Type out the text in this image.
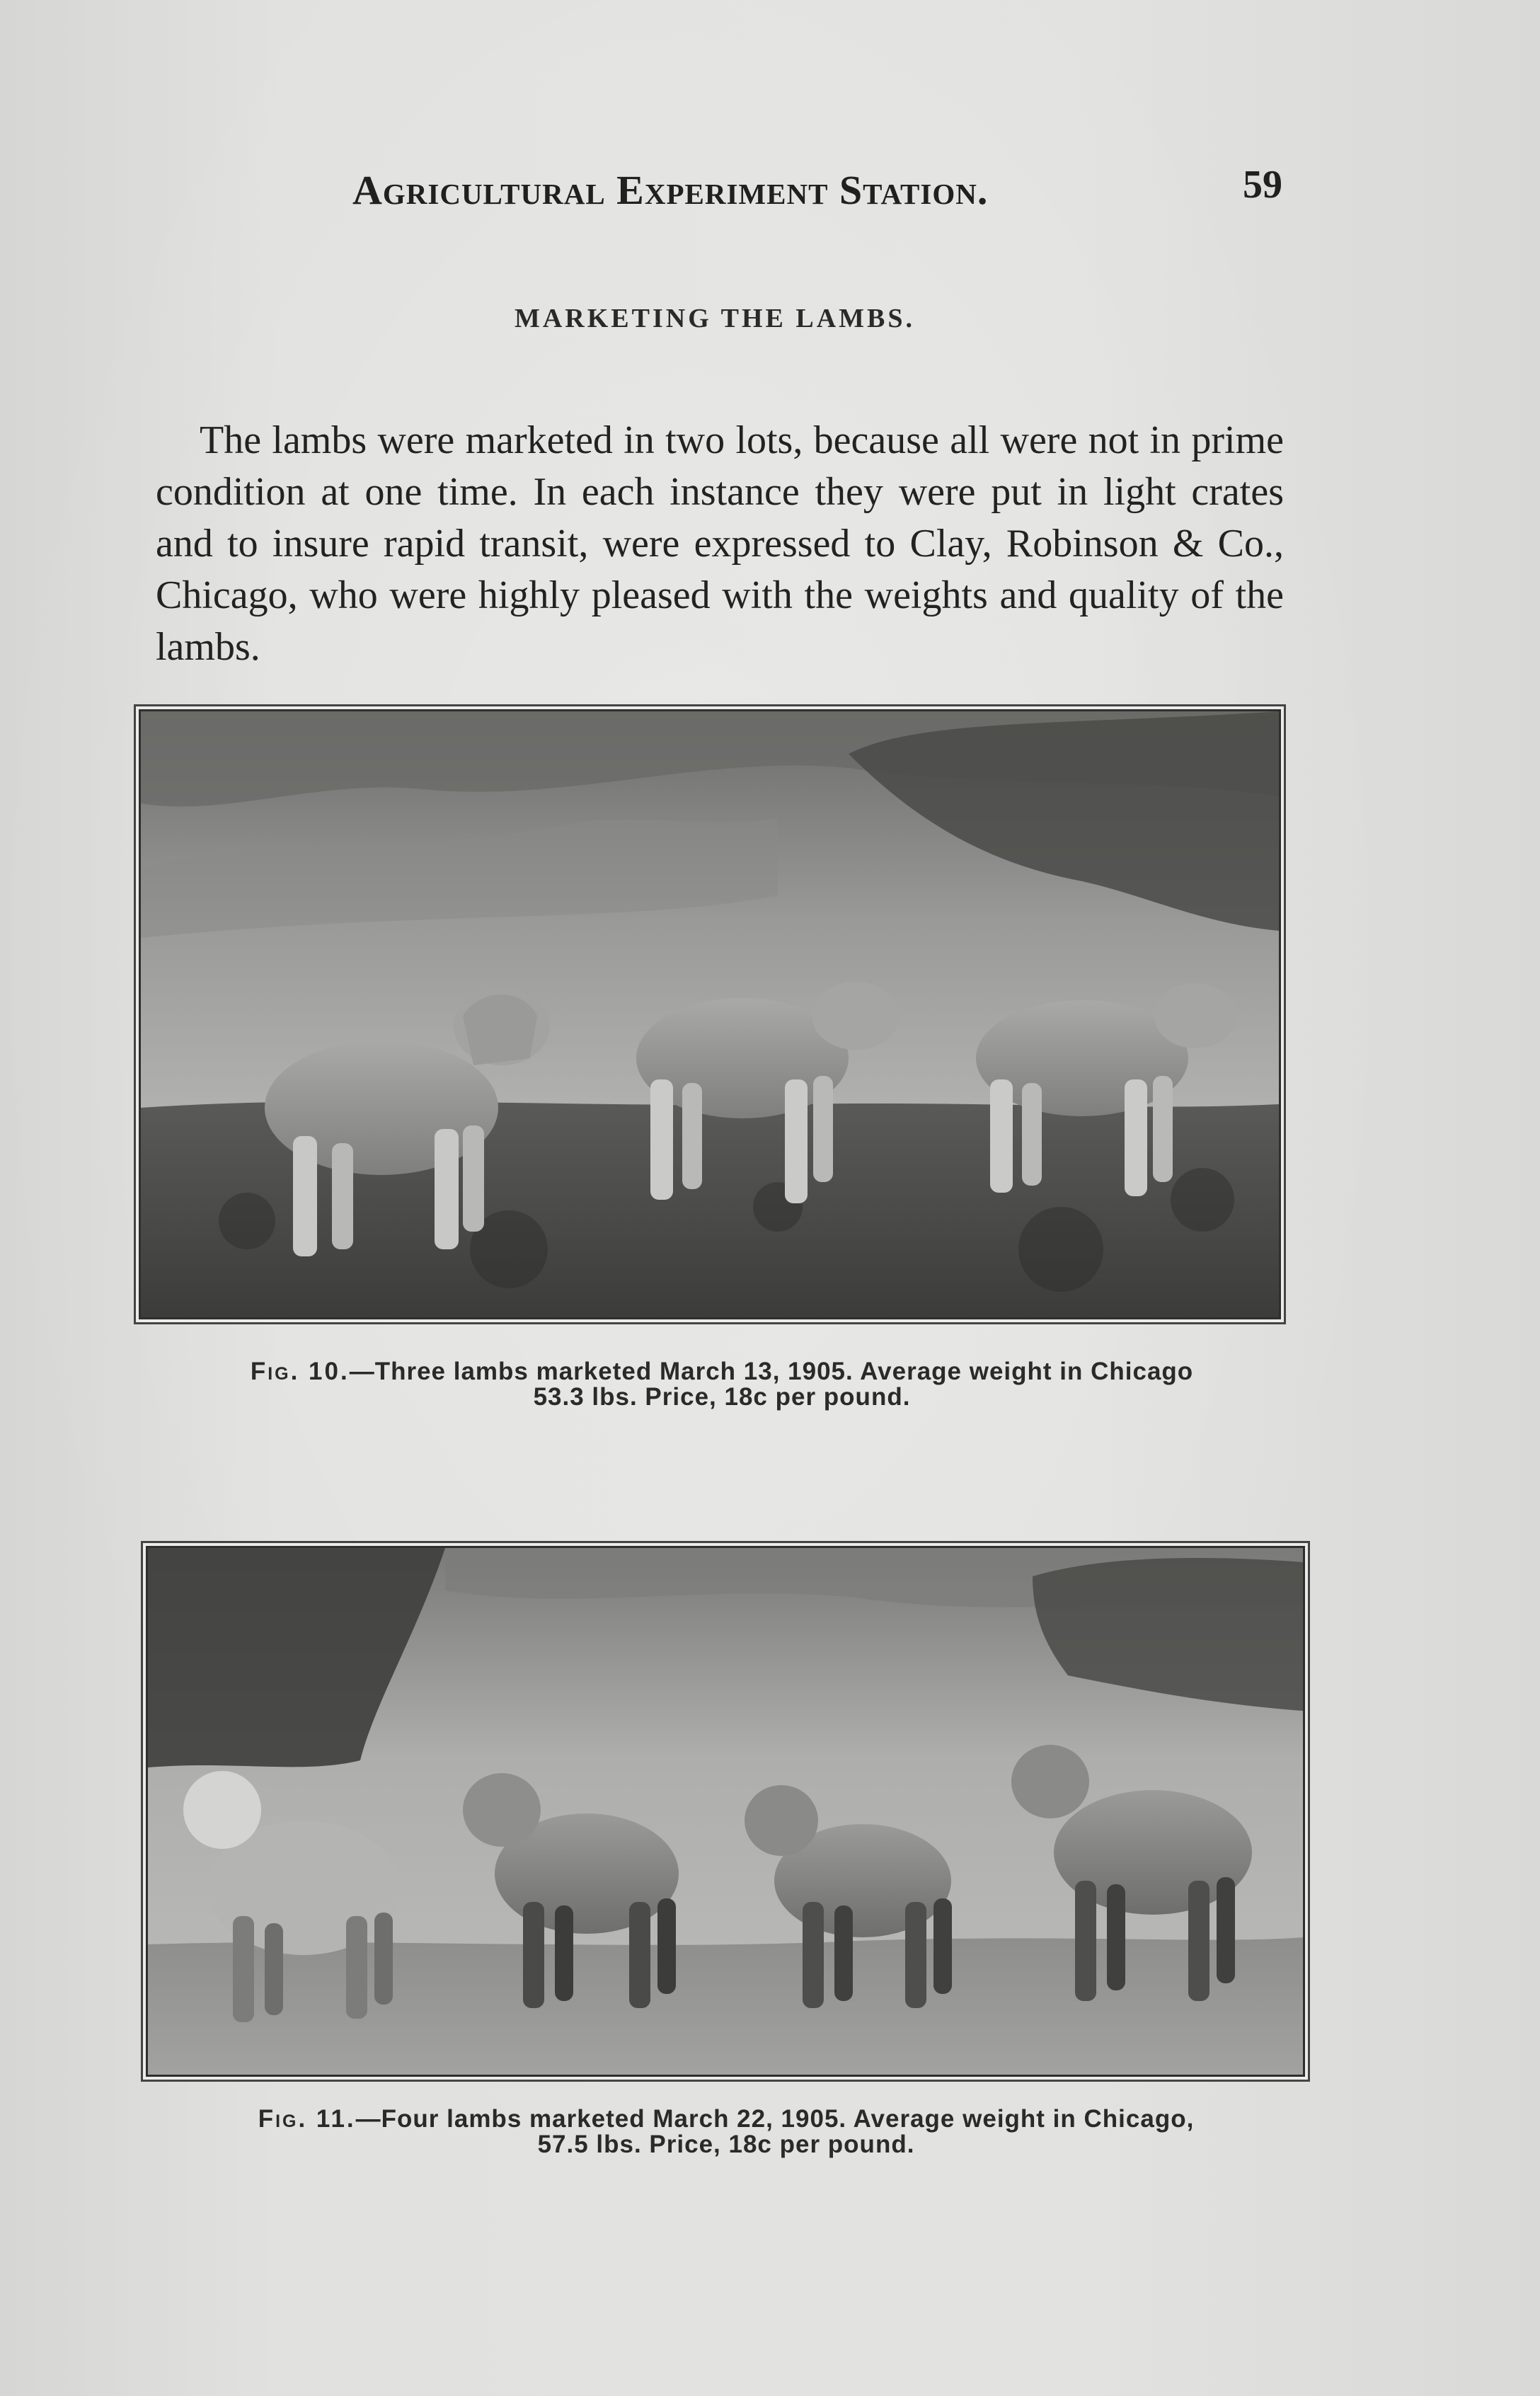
Agricultural Experiment Station.	59
MARKETING THE LAMBS.

The lambs were marketed in two lots, because all were not in prime condition at one time. In each instance they were put in light crates and to insure rapid transit, were expressed to Clay, Robinson & Co., Chicago, who were highly pleased with the weights and quality of the lambs.

Fig. 10.—Three lambs marketed March 13, 1905. Average weight in Chicago
53.3 lbs. Price, 18c per pound.
Fig. 11.—Four lambs marketed March 22, 1905. Average weight in Chicago,
57.5 lbs. Price, 18c per pound.
